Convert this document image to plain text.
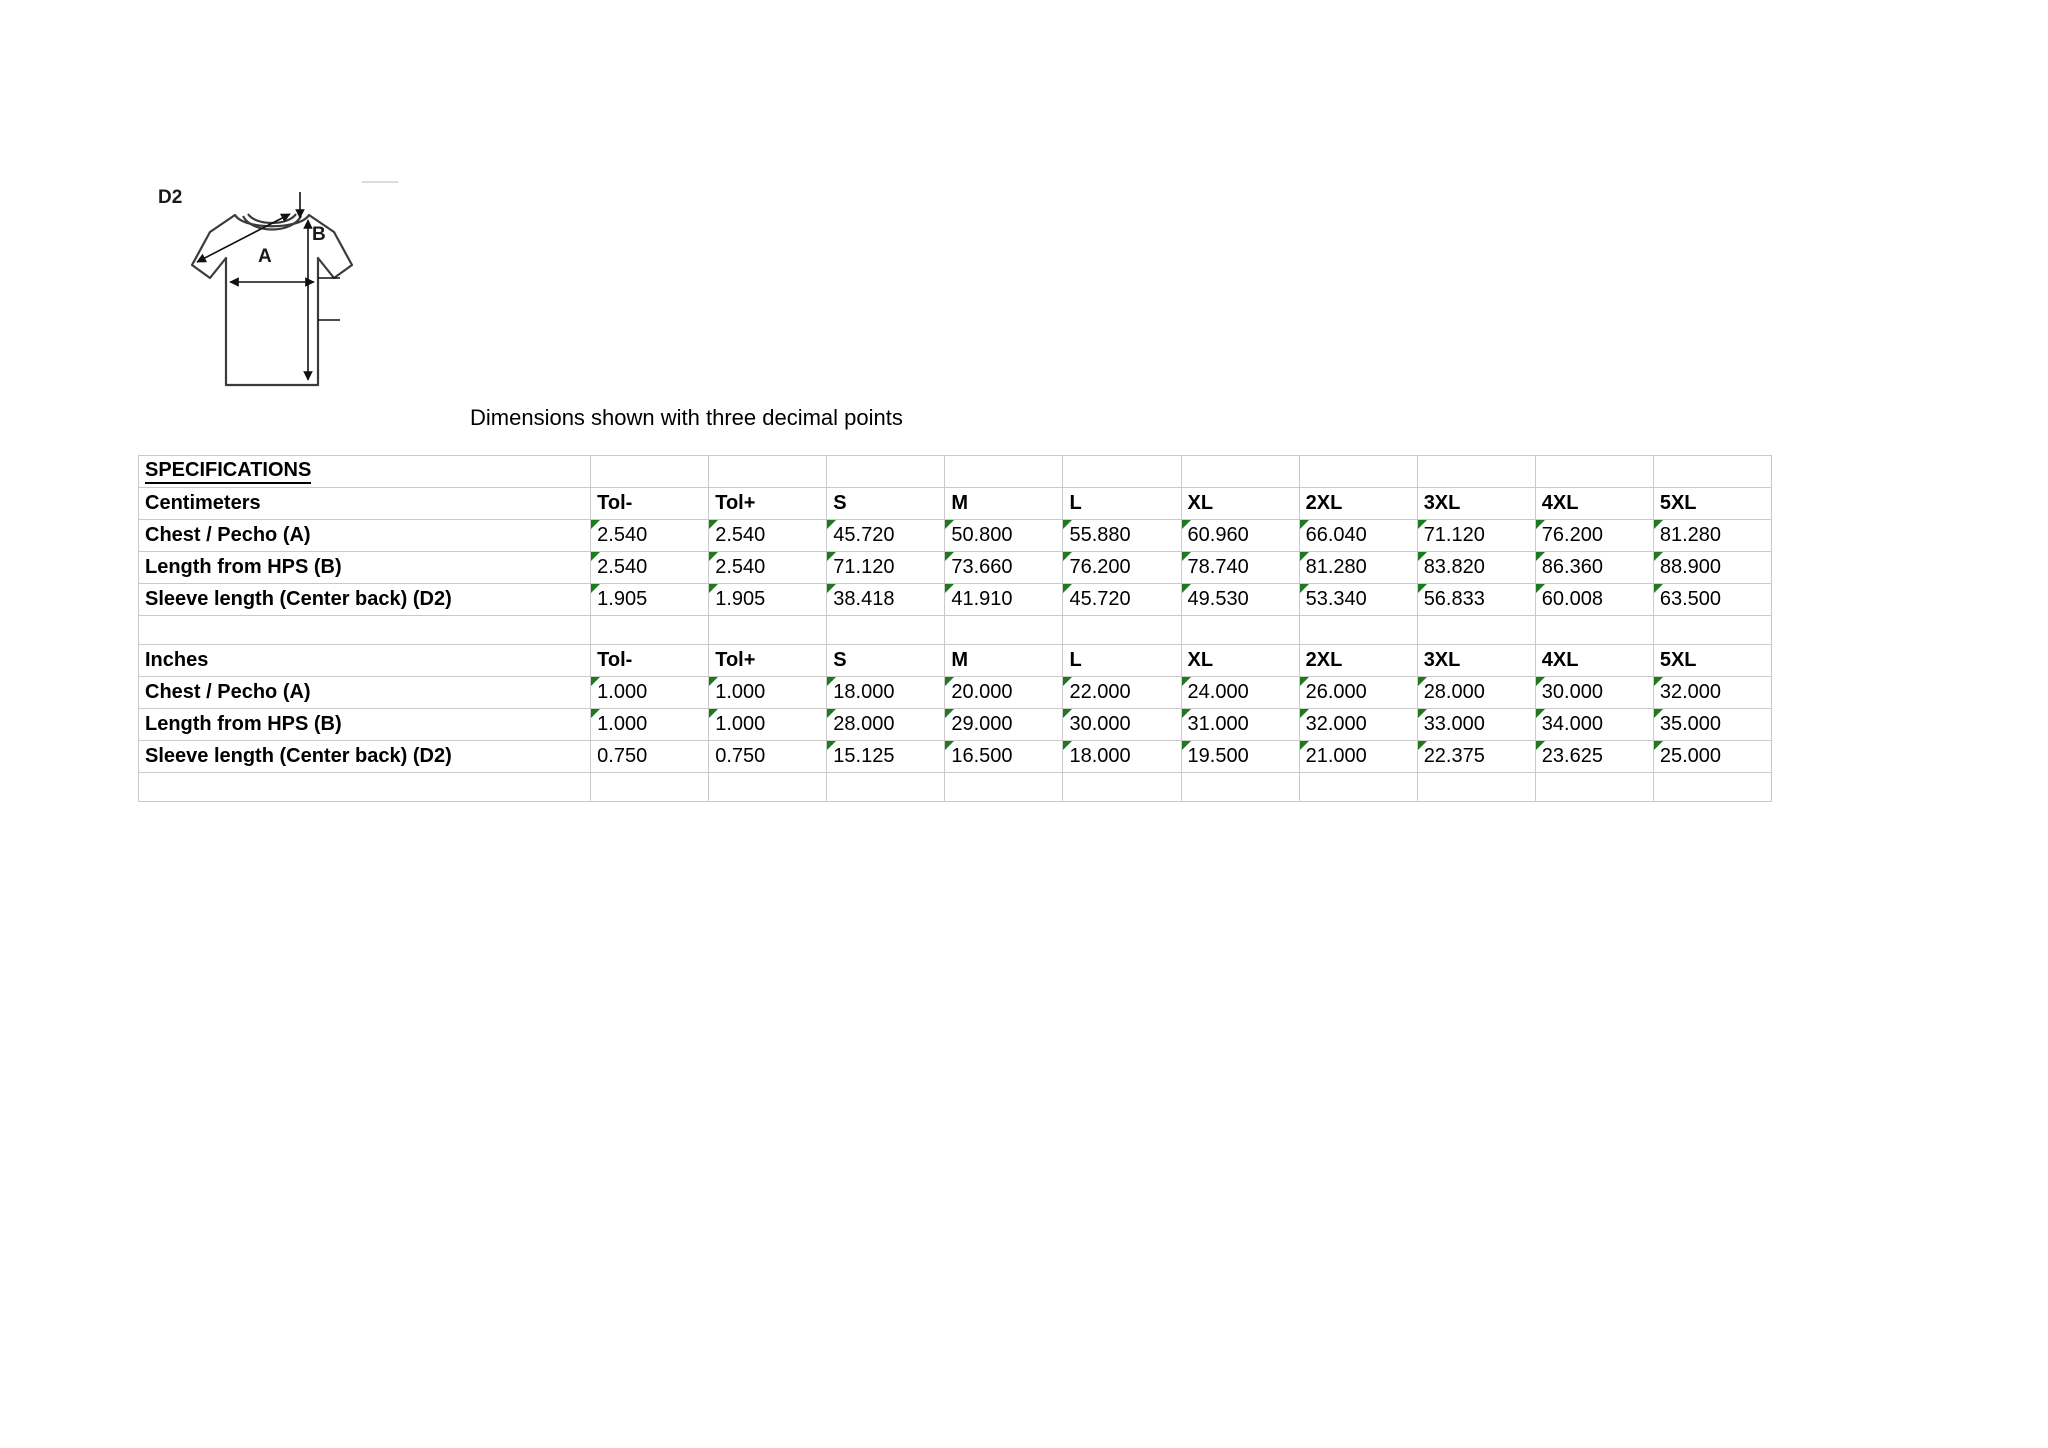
D2
A
B
Dimensions shown with three decimal points
SPECIFICATIONS										
Centimeters	Tol-	Tol+	S	M	L	XL	2XL	3XL	4XL	5XL
Chest / Pecho (A)	2.540	2.540	45.720	50.800	55.880	60.960	66.040	71.120	76.200	81.280
Length from HPS (B)	2.540	2.540	71.120	73.660	76.200	78.740	81.280	83.820	86.360	88.900
Sleeve length (Center back) (D2)	1.905	1.905	38.418	41.910	45.720	49.530	53.340	56.833	60.008	63.500

Inches	Tol-	Tol+	S	M	L	XL	2XL	3XL	4XL	5XL
Chest / Pecho (A)	1.000	1.000	18.000	20.000	22.000	24.000	26.000	28.000	30.000	32.000
Length from HPS (B)	1.000	1.000	28.000	29.000	30.000	31.000	32.000	33.000	34.000	35.000
Sleeve length (Center back) (D2)	0.750	0.750	15.125	16.500	18.000	19.500	21.000	22.375	23.625	25.000
